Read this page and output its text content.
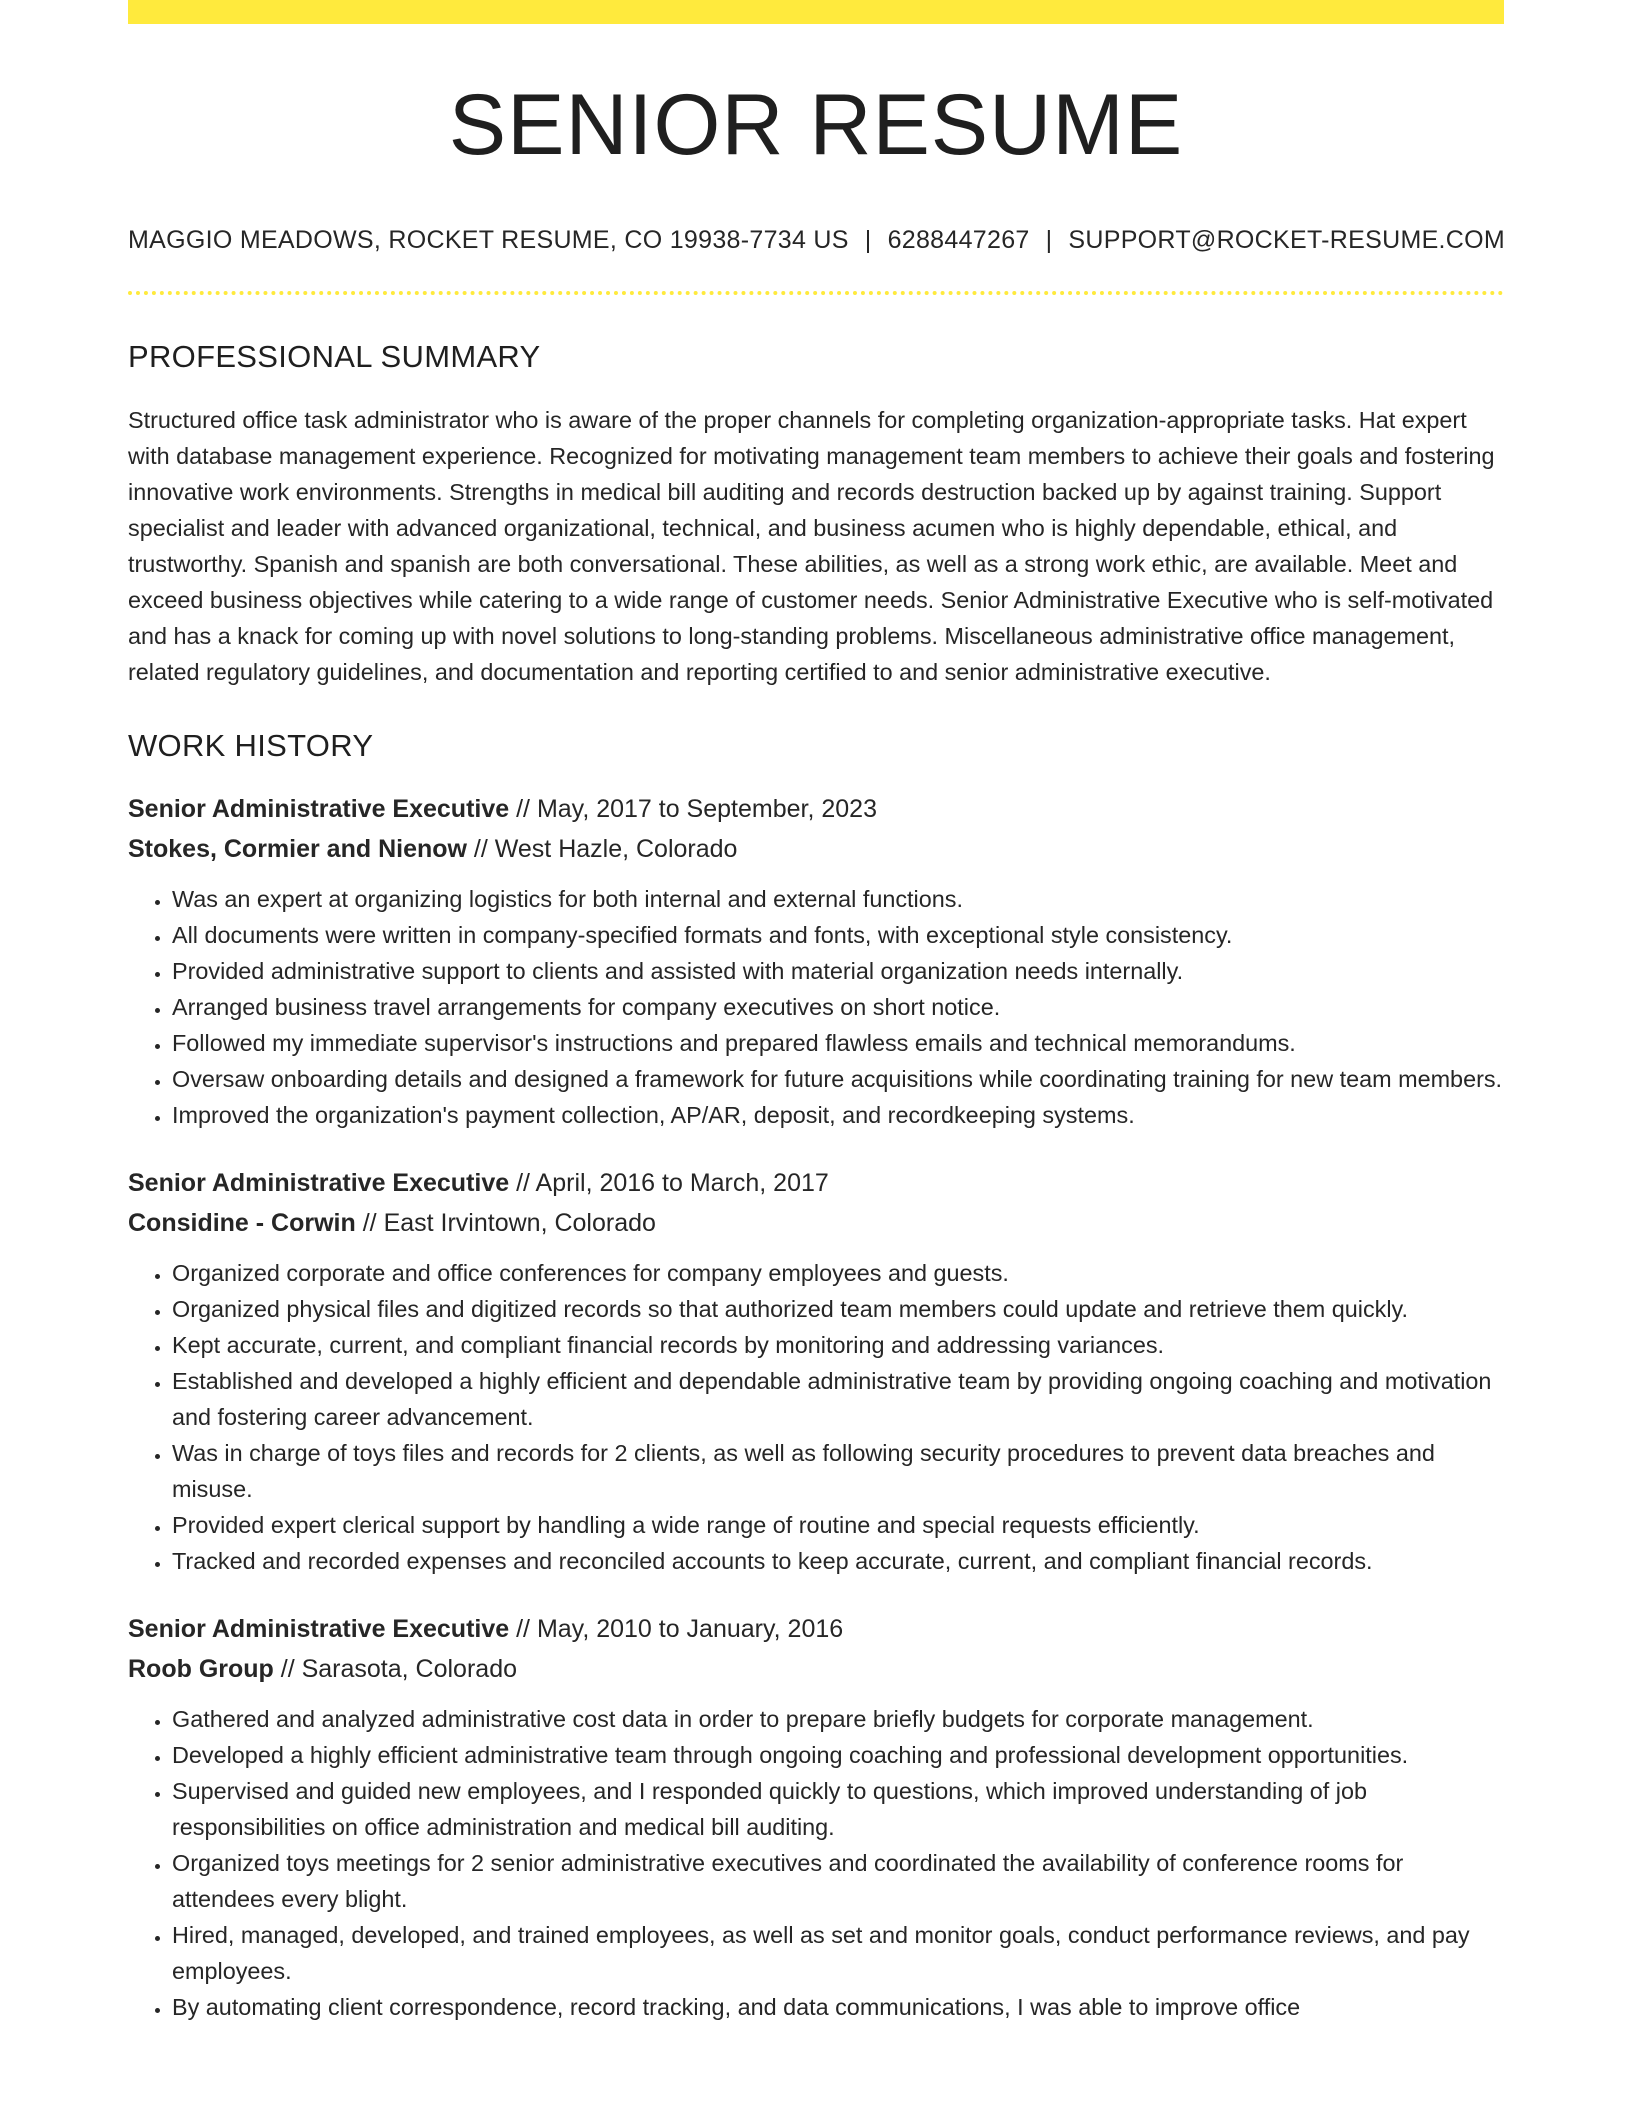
SENIOR RESUME
MAGGIO MEADOWS, ROCKET RESUME, CO 19938-7734 US | 6288447267 | SUPPORT@ROCKET-RESUME.COM
PROFESSIONAL SUMMARY

Structured office task administrator who is aware of the proper channels for completing organization-appropriate tasks. Hat expert with database management experience. Recognized for motivating management team members to achieve their goals and fostering innovative work environments. Strengths in medical bill auditing and records destruction backed up by against training. Support specialist and leader with advanced organizational, technical, and business acumen who is highly dependable, ethical, and trustworthy. Spanish and spanish are both conversational. These abilities, as well as a strong work ethic, are available. Meet and exceed business objectives while catering to a wide range of customer needs. Senior Administrative Executive who is self-motivated and has a knack for coming up with novel solutions to long-standing problems. Miscellaneous administrative office management, related regulatory guidelines, and documentation and reporting certified to and senior administrative executive.

WORK HISTORY
Senior Administrative Executive // May, 2017 to September, 2023
Stokes, Cormier and Nienow // West Hazle, Colorado
• Was an expert at organizing logistics for both internal and external functions.
• All documents were written in company-specified formats and fonts, with exceptional style consistency.
• Provided administrative support to clients and assisted with material organization needs internally.
• Arranged business travel arrangements for company executives on short notice.
• Followed my immediate supervisor's instructions and prepared flawless emails and technical memorandums.
• Oversaw onboarding details and designed a framework for future acquisitions while coordinating training for new team members.
• Improved the organization's payment collection, AP/AR, deposit, and recordkeeping systems.
Senior Administrative Executive // April, 2016 to March, 2017
Considine - Corwin // East Irvintown, Colorado
• Organized corporate and office conferences for company employees and guests.
• Organized physical files and digitized records so that authorized team members could update and retrieve them quickly.
• Kept accurate, current, and compliant financial records by monitoring and addressing variances.
• Established and developed a highly efficient and dependable administrative team by providing ongoing coaching and motivation and fostering career advancement.
• Was in charge of toys files and records for 2 clients, as well as following security procedures to prevent data breaches and misuse.
• Provided expert clerical support by handling a wide range of routine and special requests efficiently.
• Tracked and recorded expenses and reconciled accounts to keep accurate, current, and compliant financial records.
Senior Administrative Executive // May, 2010 to January, 2016
Roob Group // Sarasota, Colorado
• Gathered and analyzed administrative cost data in order to prepare briefly budgets for corporate management.
• Developed a highly efficient administrative team through ongoing coaching and professional development opportunities.
• Supervised and guided new employees, and I responded quickly to questions, which improved understanding of job responsibilities on office administration and medical bill auditing.
• Organized toys meetings for 2 senior administrative executives and coordinated the availability of conference rooms for attendees every blight.
• Hired, managed, developed, and trained employees, as well as set and monitor goals, conduct performance reviews, and pay employees.
• By automating client correspondence, record tracking, and data communications, I was able to improve office
